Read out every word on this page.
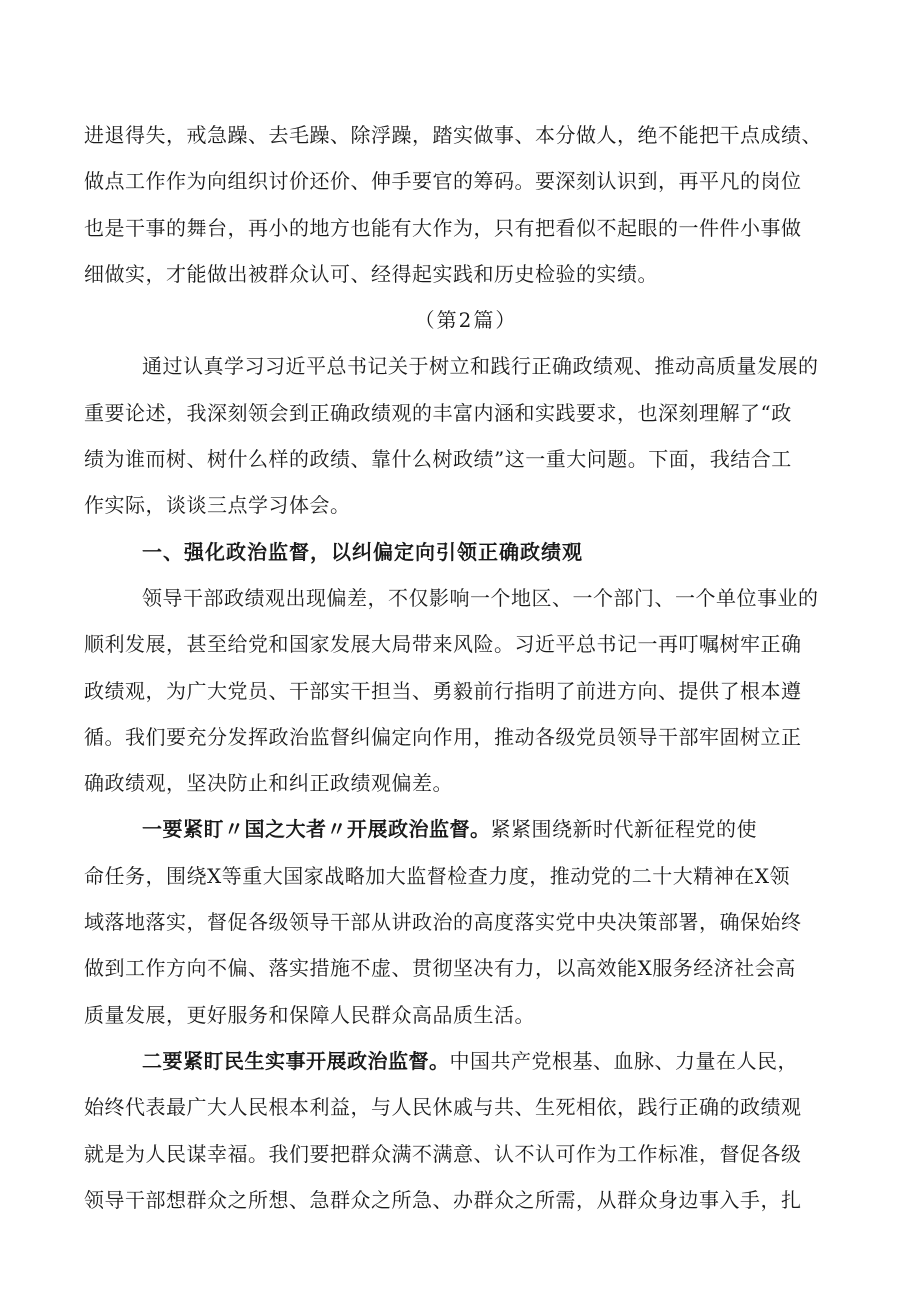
进退得失，戒急躁、去毛躁、除浮躁，踏实做事、本分做人，绝不能把干点成绩、
做点工作作为向组织讨价还价、伸手要官的筹码。要深刻认识到，再平凡的岗位
也是干事的舞台，再小的地方也能有大作为，只有把看似不起眼的一件件小事做
细做实，才能做出被群众认可、经得起实践和历史检验的实绩。
（第2篇）
通过认真学习习近平总书记关于树立和践行正确政绩观、推动高质量发展的
重要论述，我深刻领会到正确政绩观的丰富内涵和实践要求，也深刻理解了“政
绩为谁而树、树什么样的政绩、靠什么树政绩”这一重大问题。下面，我结合工
作实际，谈谈三点学习体会。
一、强化政治监督，以纠偏定向引领正确政绩观
领导干部政绩观出现偏差，不仅影响一个地区、一个部门、一个单位事业的
顺利发展，甚至给党和国家发展大局带来风险。习近平总书记一再叮嘱树牢正确
政绩观，为广大党员、干部实干担当、勇毅前行指明了前进方向、提供了根本遵
循。我们要充分发挥政治监督纠偏定向作用，推动各级党员领导干部牢固树立正
确政绩观，坚决防止和纠正政绩观偏差。
一要紧盯〃国之大者〃开展政治监督。紧紧围绕新时代新征程党的使
命任务，围绕X等重大国家战略加大监督检查力度，推动党的二十大精神在X领
域落地落实，督促各级领导干部从讲政治的高度落实党中央决策部署，确保始终
做到工作方向不偏、落实措施不虚、贯彻坚决有力，以高效能X服务经济社会高
质量发展，更好服务和保障人民群众高品质生活。
二要紧盯民生实事开展政治监督。中国共产党根基、血脉、力量在人民，
始终代表最广大人民根本利益，与人民休戚与共、生死相依，践行正确的政绩观
就是为人民谋幸福。我们要把群众满不满意、认不认可作为工作标准，督促各级
领导干部想群众之所想、急群众之所急、办群众之所需，从群众身边事入手，扎
